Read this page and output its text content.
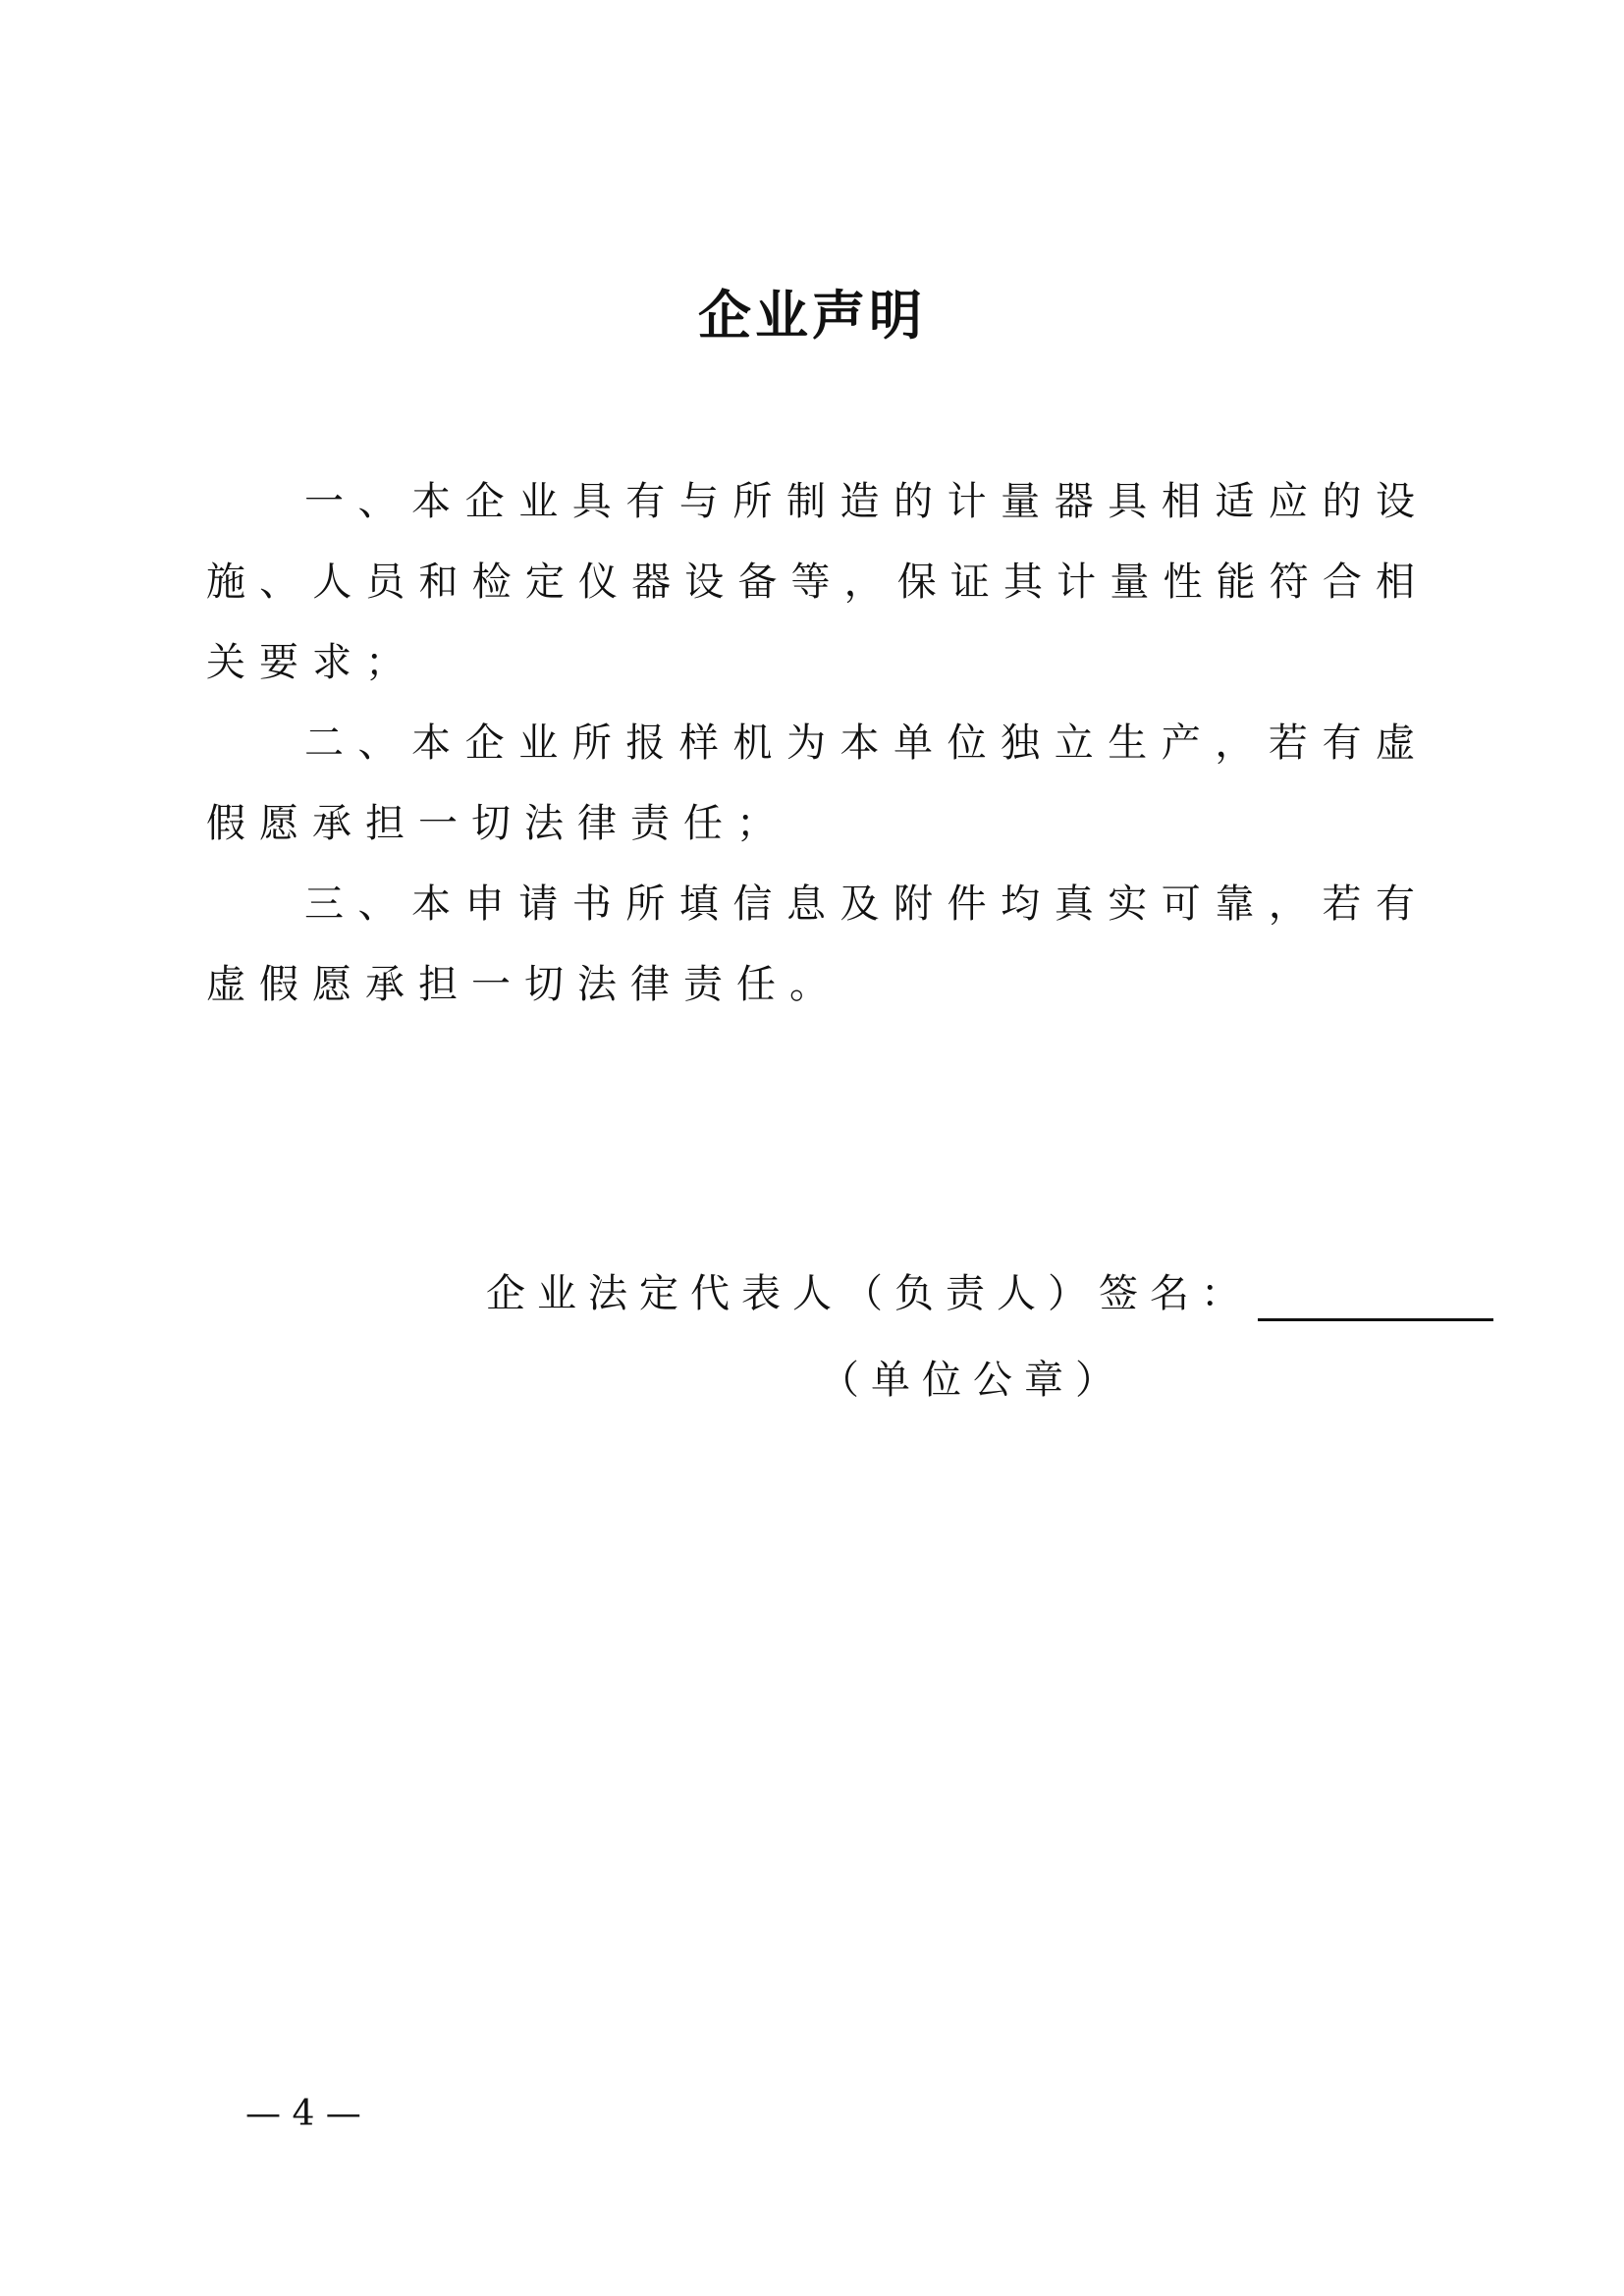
企业声明

一、本企业具有与所制造的计量器具相适应的设施、人员和检定仪器设备等，保证其计量性能符合相关要求；

二、本企业所报样机为本单位独立生产，若有虚假愿承担一切法律责任；

三、本申请书所填信息及附件均真实可靠，若有虚假愿承担一切法律责任。

企业法定代表人（负责人）签名：
（单位公章）
— 4 —
